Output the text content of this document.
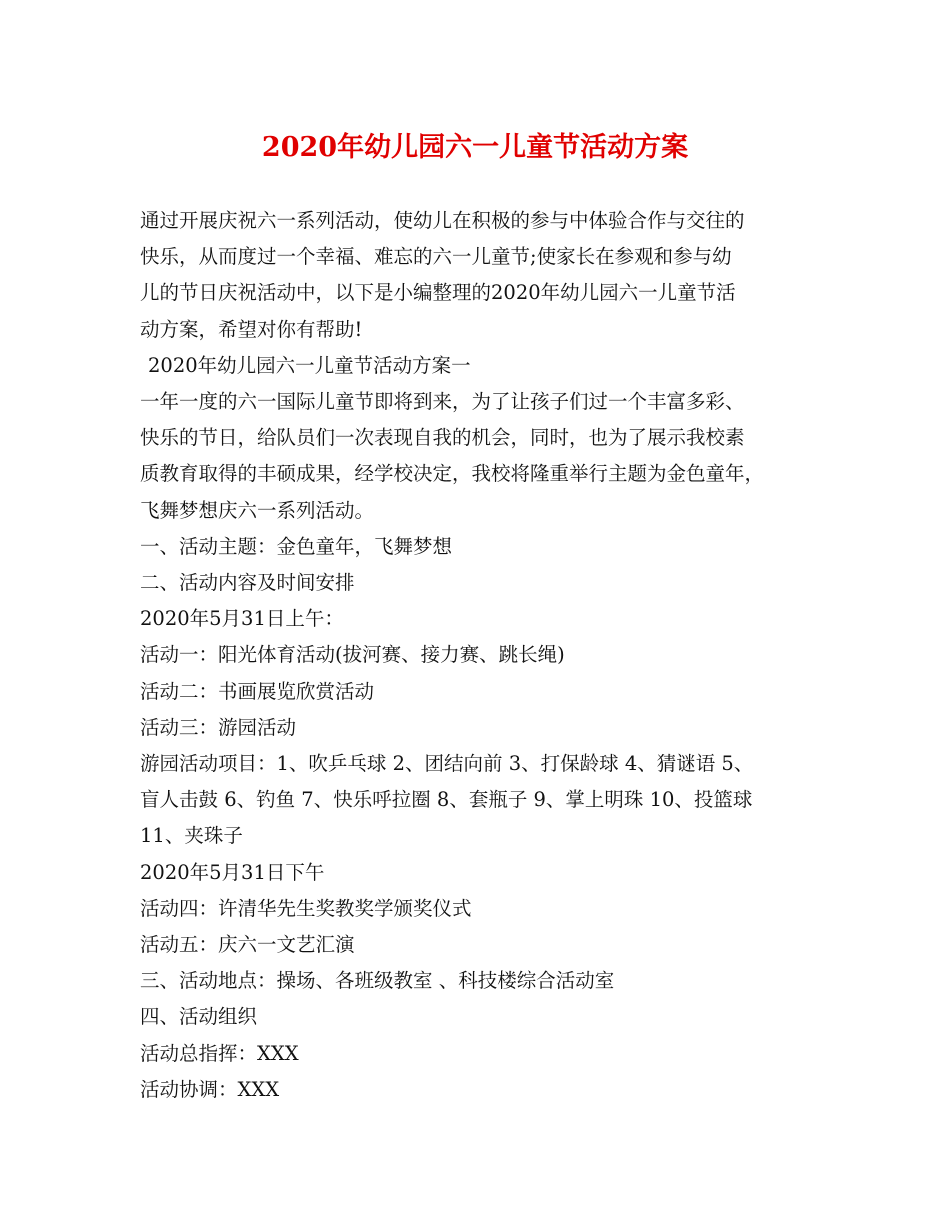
2020年幼儿园六一儿童节活动方案

通过开展庆祝六一系列活动，使幼儿在积极的参与中体验合作与交往的

快乐，从而度过一个幸福、难忘的六一儿童节;使家长在参观和参与幼

儿的节日庆祝活动中，以下是小编整理的2020年幼儿园六一儿童节活

动方案，希望对你有帮助!

2020年幼儿园六一儿童节活动方案一

一年一度的六一国际儿童节即将到来，为了让孩子们过一个丰富多彩、

快乐的节日，给队员们一次表现自我的机会，同时，也为了展示我校素

质教育取得的丰硕成果，经学校决定，我校将隆重举行主题为金色童年，

飞舞梦想庆六一系列活动。

一、活动主题：金色童年，飞舞梦想

二、活动内容及时间安排

2020年5月31日上午：

活动一：阳光体育活动(拔河赛、接力赛、跳长绳)

活动二：书画展览欣赏活动

活动三：游园活动

游园活动项目：1、吹乒乓球 2、团结向前 3、打保龄球 4、猜谜语 5、

盲人击鼓 6、钓鱼 7、快乐呼拉圈 8、套瓶子 9、掌上明珠 10、投篮球

11、夹珠子

2020年5月31日下午

活动四：许清华先生奖教奖学颁奖仪式

活动五：庆六一文艺汇演

三、活动地点：操场、各班级教室 、科技楼综合活动室

四、活动组织

活动总指挥：XXX

活动协调：XXX
